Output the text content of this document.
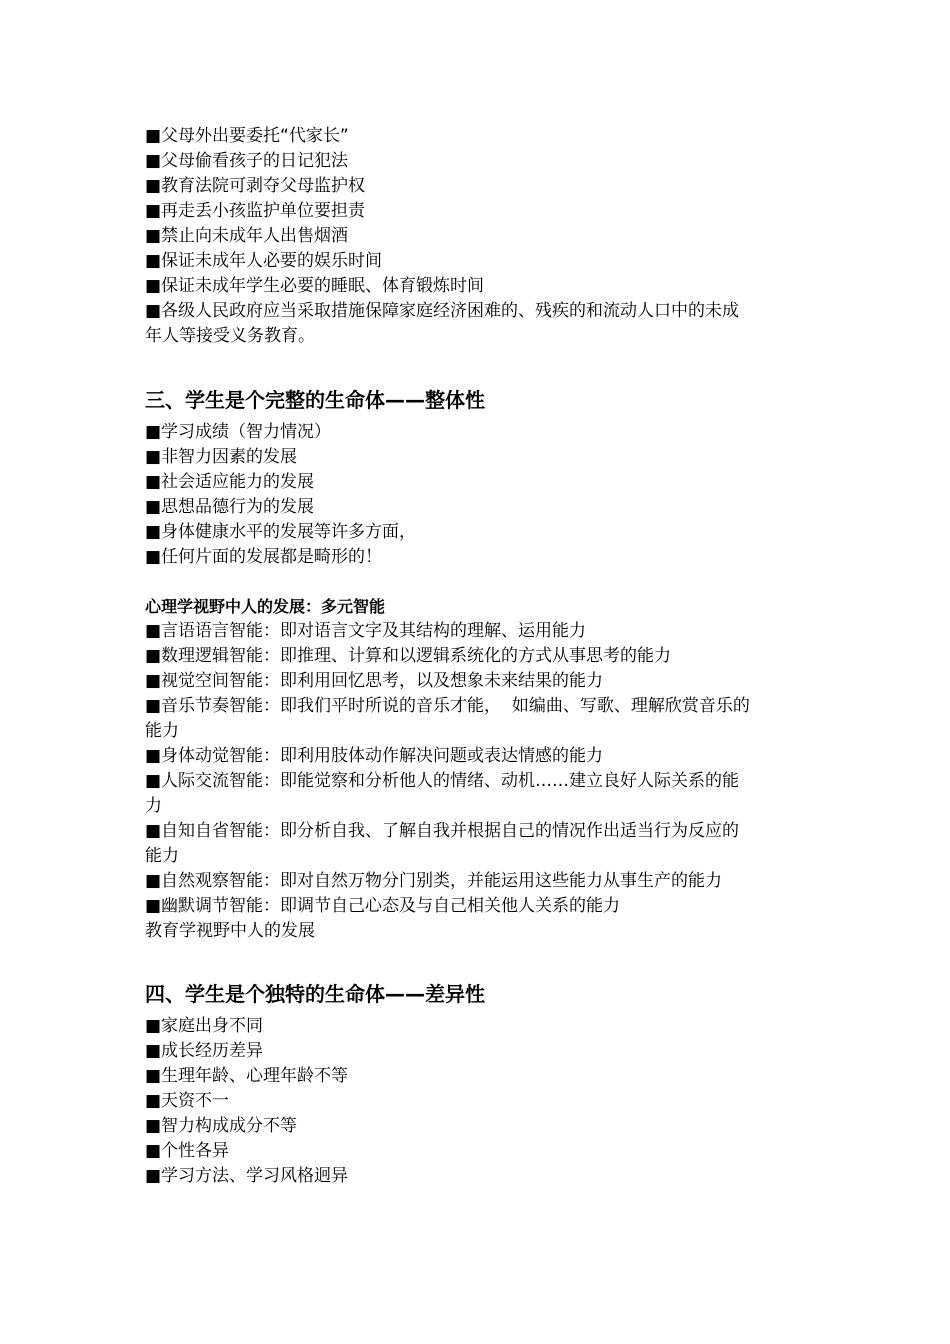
■父母外出要委托“代家长”
■父母偷看孩子的日记犯法
■教育法院可剥夺父母监护权
■再走丢小孩监护单位要担责
■禁止向未成年人出售烟酒
■保证未成年人必要的娱乐时间
■保证未成年学生必要的睡眠、体育锻炼时间
■各级人民政府应当采取措施保障家庭经济困难的、残疾的和流动人口中的未成
年人等接受义务教育。
三、学生是个完整的生命体——整体性
■学习成绩（智力情况）
■非智力因素的发展
■社会适应能力的发展
■思想品德行为的发展
■身体健康水平的发展等许多方面，
■任何片面的发展都是畸形的！
心理学视野中人的发展：多元智能
■言语语言智能：即对语言文字及其结构的理解、运用能力
■数理逻辑智能：即推理、计算和以逻辑系统化的方式从事思考的能力
■视觉空间智能：即利用回忆思考，以及想象未来结果的能力
■音乐节奏智能：即我们平时所说的音乐才能，  如编曲、写歌、理解欣赏音乐的
能力
■身体动觉智能：即利用肢体动作解决问题或表达情感的能力
■人际交流智能：即能觉察和分析他人的情绪、动机……建立良好人际关系的能
力
■自知自省智能：即分析自我、了解自我并根据自己的情况作出适当行为反应的
能力
■自然观察智能：即对自然万物分门别类，并能运用这些能力从事生产的能力
■幽默调节智能：即调节自己心态及与自己相关他人关系的能力
教育学视野中人的发展
四、学生是个独特的生命体——差异性
■家庭出身不同
■成长经历差异
■生理年龄、心理年龄不等
■天资不一
■智力构成成分不等
■个性各异
■学习方法、学习风格迥异
